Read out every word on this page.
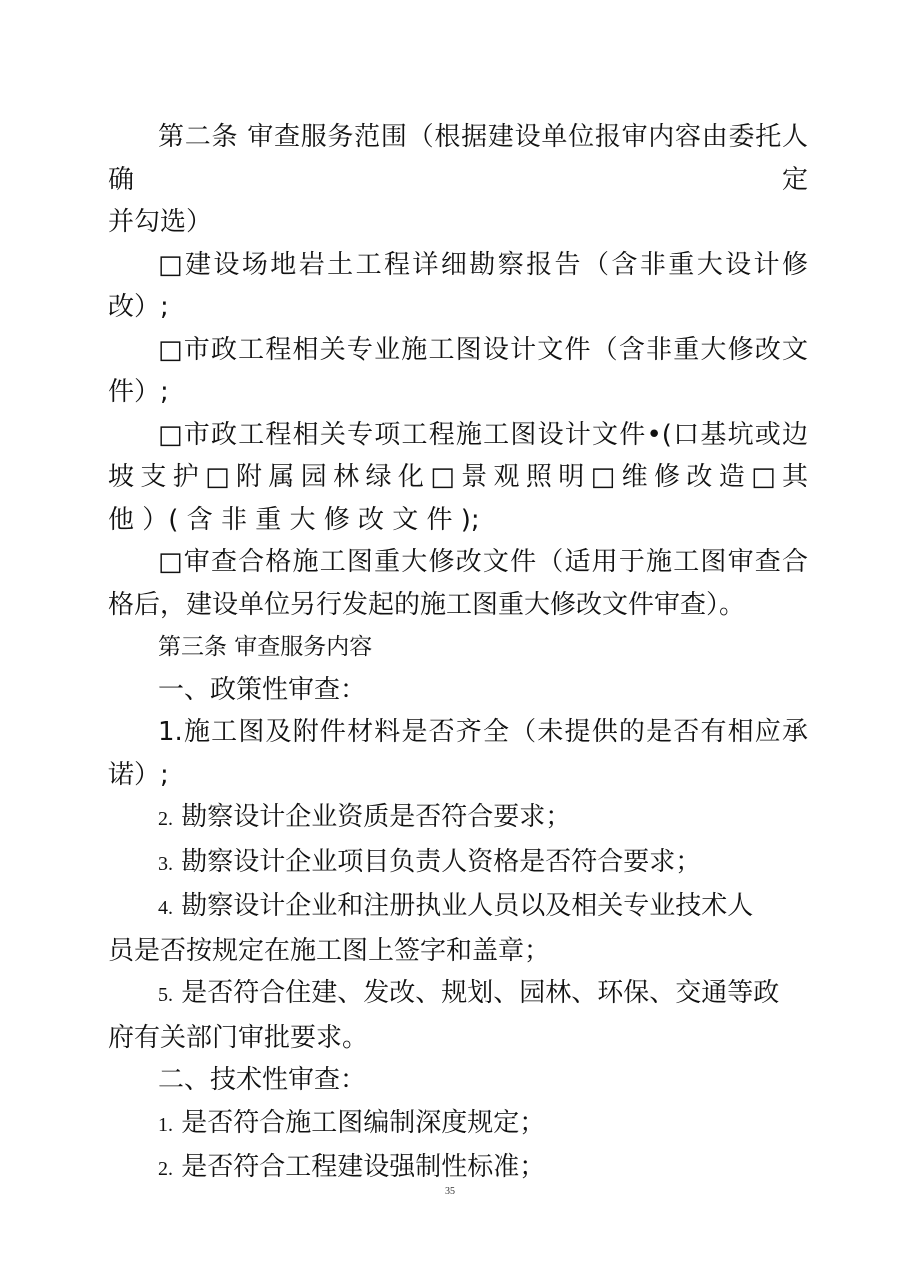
第二条 审查服务范围（根据建设单位报审内容由委托人确定

并勾选）

□建设场地岩土工程详细勘察报告（含非重大设计修

改）;

□市政工程相关专业施工图设计文件（含非重大修改文

件）;

□市政工程相关专项工程施工图设计文件•(口基坑或边

坡支护□附属园林绿化□景观照明□维修改造□其

他 ）( 含 非 重 大 修 改 文 件 );

□审查合格施工图重大修改文件（适用于施工图审查合

格后，建设单位另行发起的施工图重大修改文件审查）。

第三条 审查服务内容

一、政策性审查：

1.施工图及附件材料是否齐全（未提供的是否有相应承

诺）;

2. 勘察设计企业资质是否符合要求；

3. 勘察设计企业项目负责人资格是否符合要求；

4. 勘察设计企业和注册执业人员以及相关专业技术人

员是否按规定在施工图上签字和盖章；

5. 是否符合住建、发改、规划、园林、环保、交通等政

府有关部门审批要求。

二、技术性审查：

1. 是否符合施工图编制深度规定；

2. 是否符合工程建设强制性标准；

35
